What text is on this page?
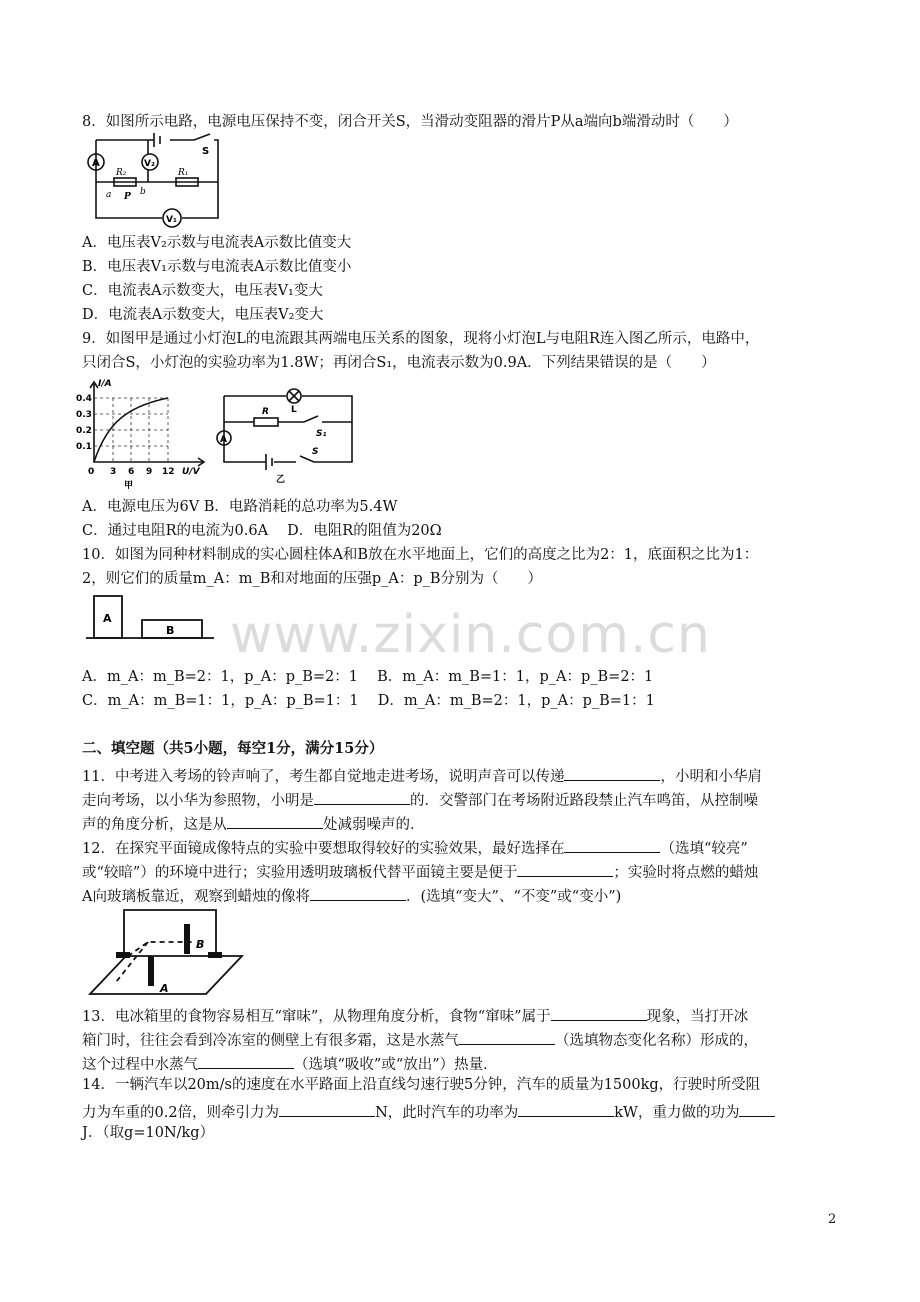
www.zixin.com.cn
8．如图所示电路，电源电压保持不变，闭合开关S，当滑动变阻器的滑片P从a端向b端滑动时（　　）
A	V₂
S
R₂	R₁
a P b
V₁
A．电压表V₂示数与电流表A示数比值变大
B．电压表V₁示数与电流表A示数比值变小
C．电流表A示数变大，电压表V₁变大
D．电流表A示数变大，电压表V₂变大
9．如图甲是通过小灯泡L的电流跟其两端电压关系的图象，现将小灯泡L与电阻R连入图乙所示，电路中，
只闭合S，小灯泡的实验功率为1.8W；再闭合S₁，电流表示数为0.9A．下列结果错误的是（　　）
I/A
0.4
0.3
0.2
0.1
0 3 6 9 12 U/V
甲
L
R
S₁
S
A
乙
A．电源电压为6V B．电路消耗的总功率为5.4W
C．通过电阻R的电流为0.6A　 D．电阻R的阻值为20Ω
10．如图为同种材料制成的实心圆柱体A和B放在水平地面上，它们的高度之比为2：1，底面积之比为1：
2，则它们的质量m_A：m_B和对地面的压强p_A：p_B分别为（　　）
A
B
A．m_A：m_B=2：1，p_A：p_B=2：1　 B．m_A：m_B=1：1，p_A：p_B=2：1
C．m_A：m_B=1：1，p_A：p_B=1：1　 D．m_A：m_B=2：1，p_A：p_B=1：1
二、填空题（共5小题，每空1分，满分15分）
11．中考进入考场的铃声响了，考生都自觉地走进考场，说明声音可以传递	，小明和小华肩
走向考场，以小华为参照物，小明是	的．交警部门在考场附近路段禁止汽车鸣笛，从控制噪
声的角度分析，这是从	处减弱噪声的．
12．在探究平面镜成像特点的实验中要想取得较好的实验效果，最好选择在	（选填“较亮”
或“较暗”）的环境中进行；实验用透明玻璃板代替平面镜主要是便于	；实验时将点燃的蜡烛
A向玻璃板靠近，观察到蜡烛的像将	．(选填“变大”、“不变”或“变小”)
B
A
13．电冰箱里的食物容易相互“窜味”，从物理角度分析，食物“窜味”属于	现象，当打开冰
箱门时，往往会看到冷冻室的侧壁上有很多霜，这是水蒸气	（选填物态变化名称）形成的，
这个过程中水蒸气	（选填“吸收”或“放出”）热量．
14．一辆汽车以20m/s的速度在水平路面上沿直线匀速行驶5分钟，汽车的质量为1500kg，行驶时所受阻
力为车重的0.2倍，则牵引力为	N，此时汽车的功率为	kW，重力做的功为
J．（取g=10N/kg）
2
